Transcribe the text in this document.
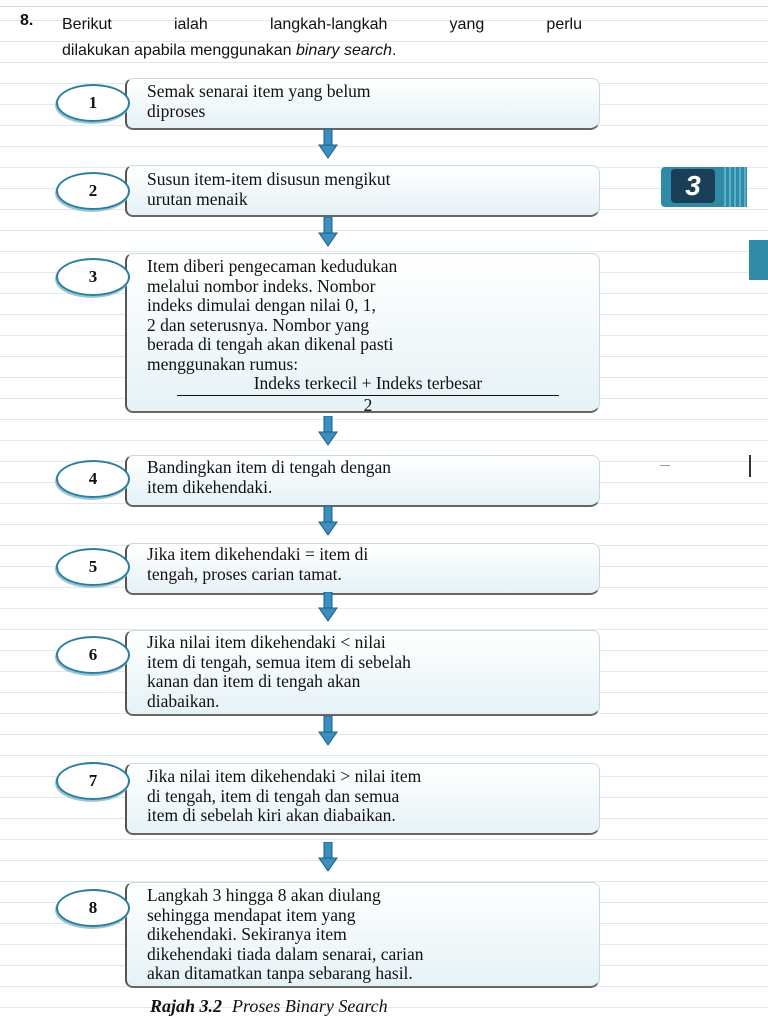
8. Berikut ialah langkah-langkah yang perlu
dilakukan apabila menggunakan binary search.
3
Semak senarai item yang belum
diproses
1
Susun item-item disusun mengikut
urutan menaik
2
Item diberi pengecaman kedudukan
melalui nombor indeks. Nombor
indeks dimulai dengan nilai 0, 1,
2 dan seterusnya. Nombor yang
berada di tengah akan dikenal pasti
menggunakan rumus:
Indeks terkecil + Indeks terbesar
2
3
Bandingkan item di tengah dengan
item dikehendaki.
4
Jika item dikehendaki = item di
tengah, proses carian tamat.
5
Jika nilai item dikehendaki < nilai
item di tengah, semua item di sebelah
kanan dan item di tengah akan
diabaikan.
6
Jika nilai item dikehendaki > nilai item
di tengah, item di tengah dan semua
item di sebelah kiri akan diabaikan.
7
Langkah 3 hingga 8 akan diulang
sehingga mendapat item yang
dikehendaki. Sekiranya item
dikehendaki tiada dalam senarai, carian
akan ditamatkan tanpa sebarang hasil.
8
Rajah 3.2 Proses Binary Search
